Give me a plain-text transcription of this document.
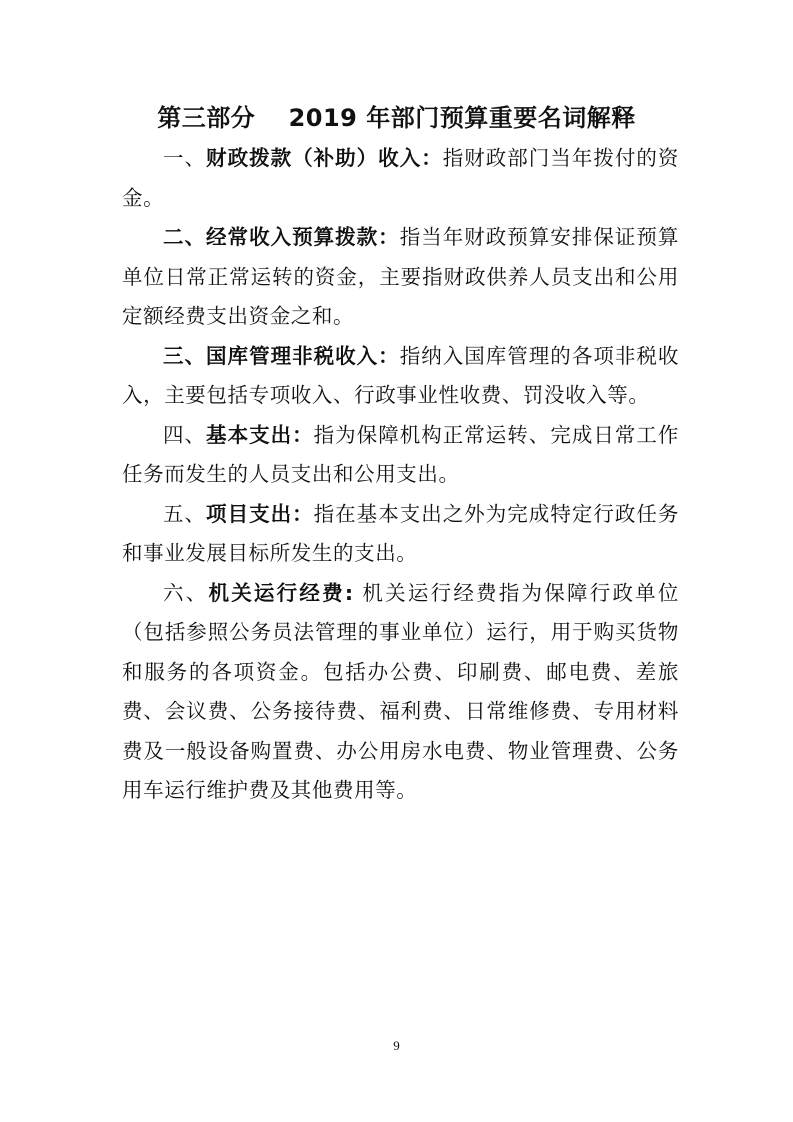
第三部分　 2019 年部门预算重要名词解释

一、财政拨款（补助）收入：指财政部门当年拨付的资金。

二、经常收入预算拨款：指当年财政预算安排保证预算单位日常正常运转的资金，主要指财政供养人员支出和公用定额经费支出资金之和。

三、国库管理非税收入：指纳入国库管理的各项非税收入，主要包括专项收入、行政事业性收费、罚没收入等。

四、基本支出：指为保障机构正常运转、完成日常工作任务而发生的人员支出和公用支出。

五、项目支出：指在基本支出之外为完成特定行政任务和事业发展目标所发生的支出。

六、机关运行经费: 机关运行经费指为保障行政单位（包括参照公务员法管理的事业单位）运行，用于购买货物和服务的各项资金。包括办公费、印刷费、邮电费、差旅费、会议费、公务接待费、福利费、日常维修费、专用材料费及一般设备购置费、办公用房水电费、物业管理费、公务用车运行维护费及其他费用等。

9
